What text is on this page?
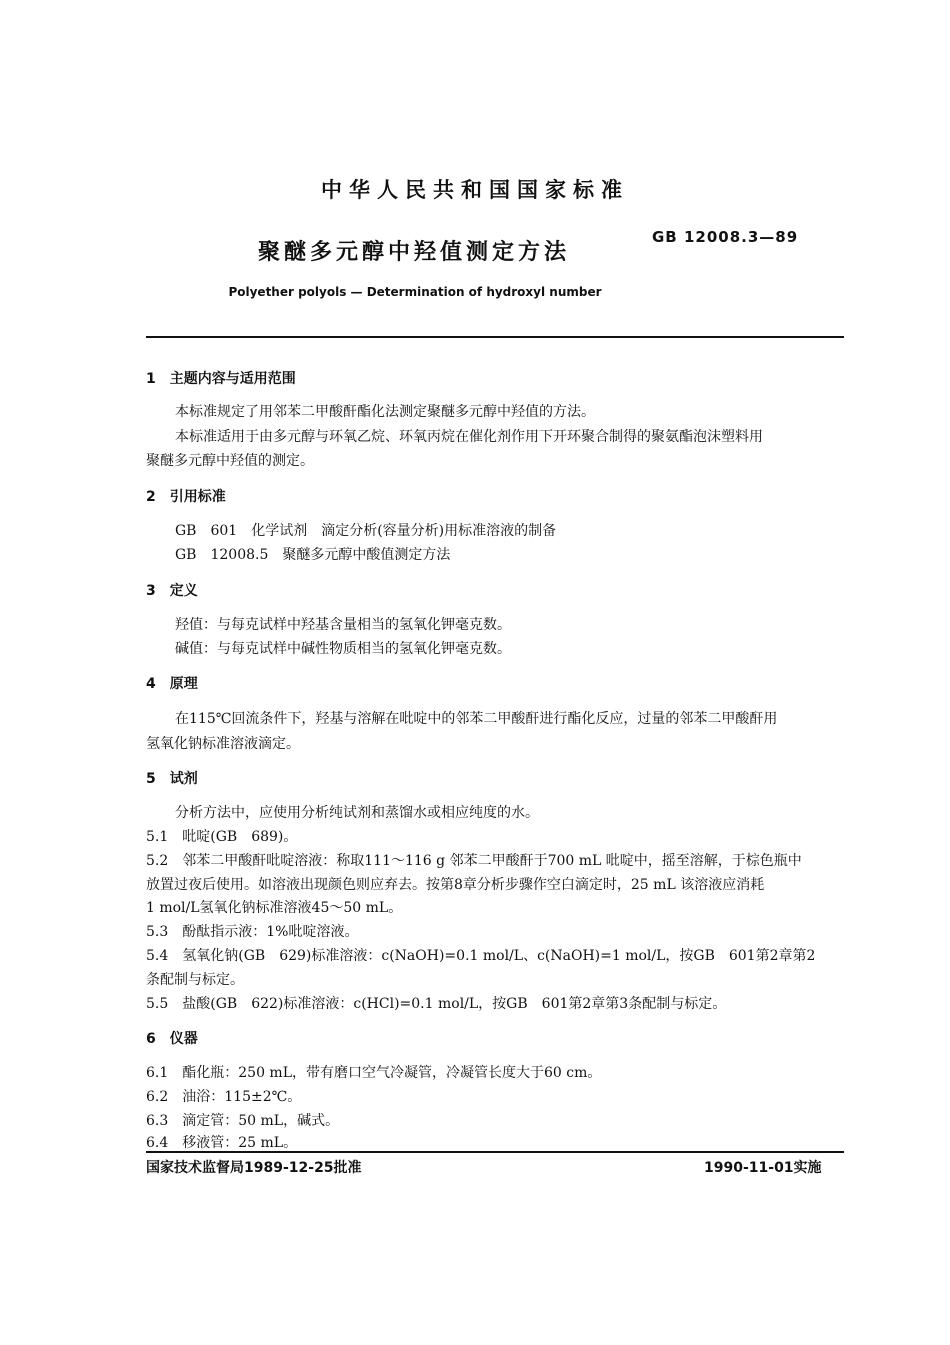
中华人民共和国国家标准
GB 12008.3—89
聚醚多元醇中羟值测定方法
Polyether polyols — Determination of hydroxyl number
1　主题内容与适用范围
本标准规定了用邻苯二甲酸酐酯化法测定聚醚多元醇中羟值的方法。
本标准适用于由多元醇与环氧乙烷、环氧丙烷在催化剂作用下开环聚合制得的聚氨酯泡沫塑料用
聚醚多元醇中羟值的测定。
2　引用标准
GB　601　化学试剂　滴定分析(容量分析)用标准溶液的制备
GB　12008.5　聚醚多元醇中酸值测定方法
3　定义
羟值：与每克试样中羟基含量相当的氢氧化钾毫克数。
碱值：与每克试样中碱性物质相当的氢氧化钾毫克数。
4　原理
在115℃回流条件下，羟基与溶解在吡啶中的邻苯二甲酸酐进行酯化反应，过量的邻苯二甲酸酐用
氢氧化钠标准溶液滴定。
5　试剂
分析方法中，应使用分析纯试剂和蒸馏水或相应纯度的水。
5.1　吡啶(GB　689)。
5.2　邻苯二甲酸酐吡啶溶液：称取111～116 g 邻苯二甲酸酐于700 mL 吡啶中，摇至溶解，于棕色瓶中
放置过夜后使用。如溶液出现颜色则应弃去。按第8章分析步骤作空白滴定时，25 mL 该溶液应消耗
1 mol/L氢氧化钠标准溶液45～50 mL。
5.3　酚酞指示液：1%吡啶溶液。
5.4　氢氧化钠(GB　629)标准溶液：c(NaOH)=0.1 mol/L、c(NaOH)=1 mol/L，按GB　601第2章第2
条配制与标定。
5.5　盐酸(GB　622)标准溶液：c(HCl)=0.1 mol/L，按GB　601第2章第3条配制与标定。
6　仪器
6.1　酯化瓶：250 mL，带有磨口空气冷凝管，冷凝管长度大于60 cm。
6.2　油浴：115±2℃。
6.3　滴定管：50 mL，碱式。
6.4　移液管：25 mL。
国家技术监督局1989-12-25批准	1990-11-01实施
